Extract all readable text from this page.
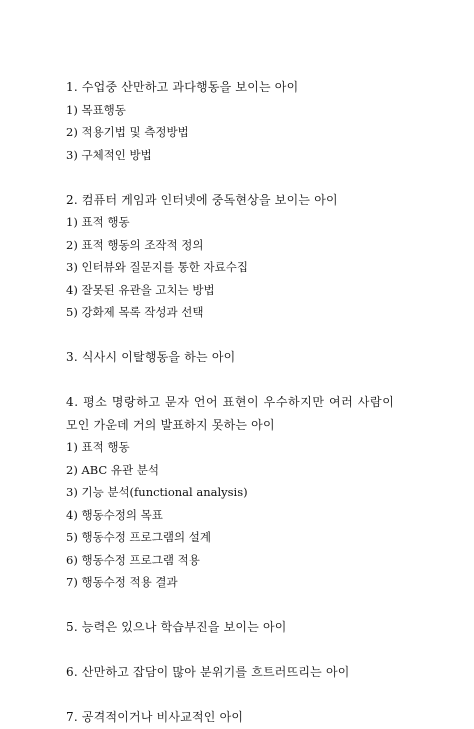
1. 수업중 산만하고 과다행동을 보이는 아이
1) 목표행동
2) 적용기법 및 측정방법
3) 구체적인 방법
2. 컴퓨터 게임과 인터넷에 중독현상을 보이는 아이
1) 표적 행동
2) 표적 행동의 조작적 정의
3) 인터뷰와 질문지를 통한 자료수집
4) 잘못된 유관을 고치는 방법
5) 강화제 목록 작성과 선택
3. 식사시 이탈행동을 하는 아이
4. 평소 명랑하고 문자 언어 표현이 우수하지만 여러 사람이
모인 가운데 거의 발표하지 못하는 아이
1) 표적 행동
2) ABC 유관 분석
3) 기능 분석(functional analysis)
4) 행동수정의 목표
5) 행동수정 프로그램의 설계
6) 행동수정 프로그램 적용
7) 행동수정 적용 결과
5. 능력은 있으나 학습부진을 보이는 아이
6. 산만하고 잡담이 많아 분위기를 흐트러뜨리는 아이
7. 공격적이거나 비사교적인 아이
